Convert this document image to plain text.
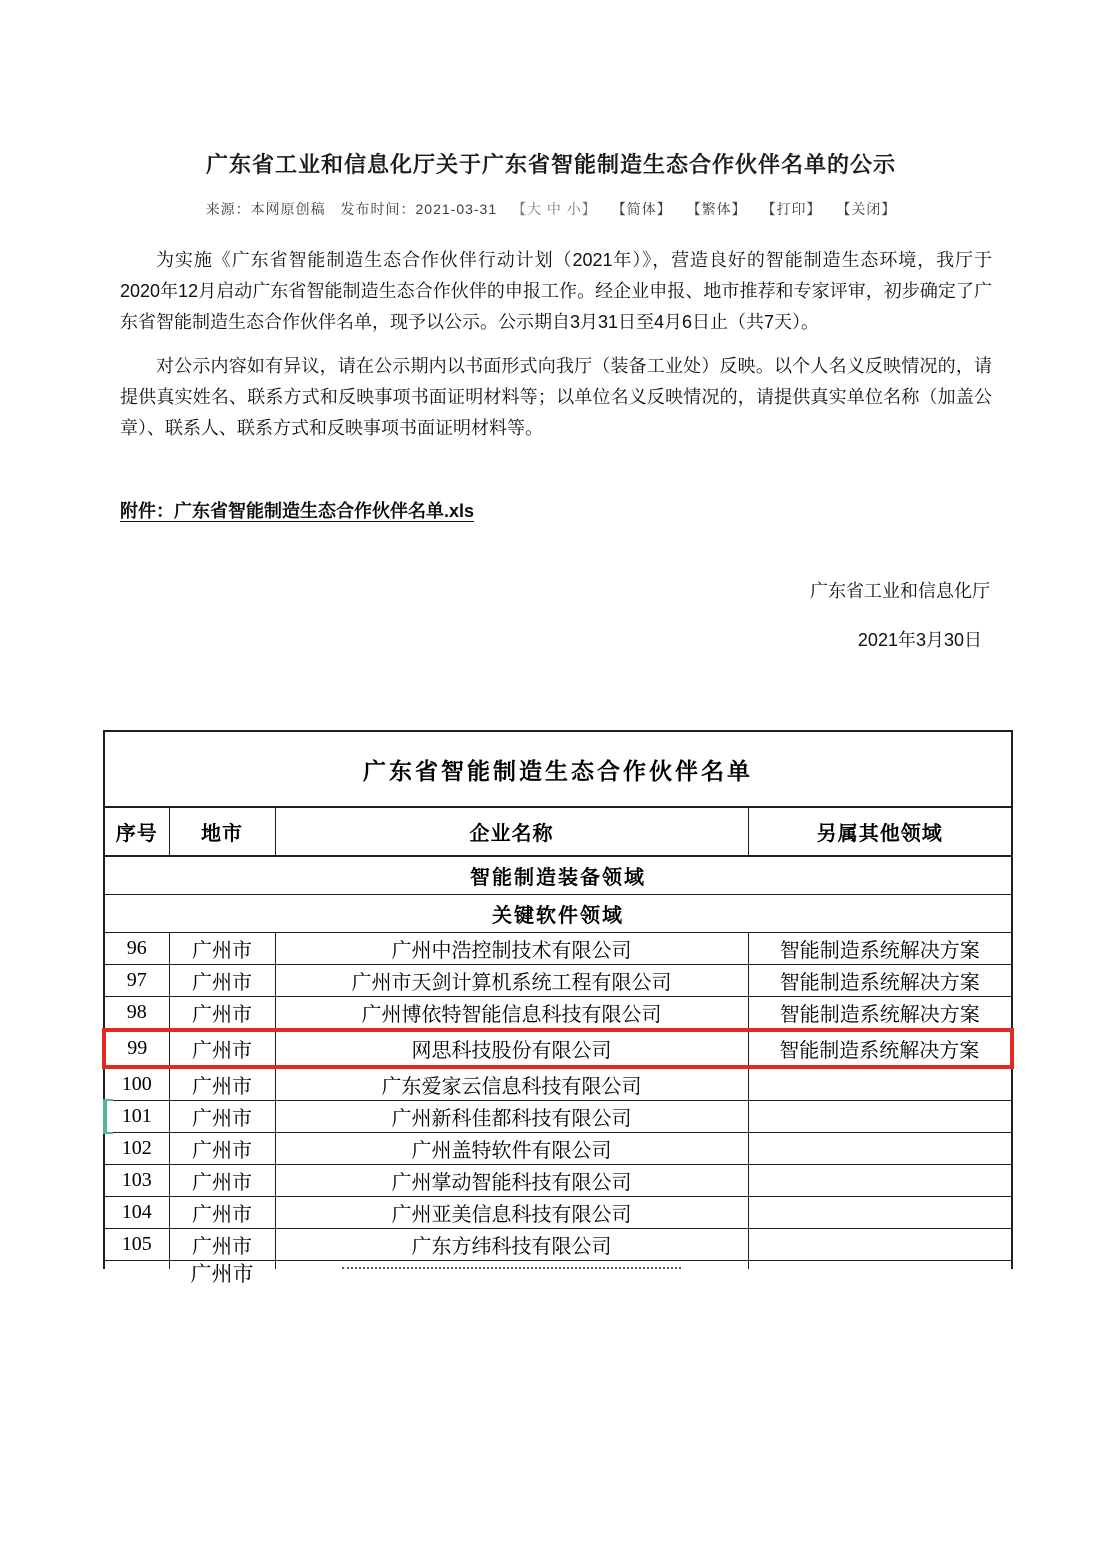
广东省工业和信息化厅关于广东省智能制造生态合作伙伴名单的公示
来源：本网原创稿 发布时间：2021-03-31 【大 中 小】 【简体】 【繁体】 【打印】 【关闭】

为实施《广东省智能制造生态合作伙伴行动计划（2021年）》，营造良好的智能制造生态环境，我厅于2020年12月启动广东省智能制造生态合作伙伴的申报工作。经企业申报、地市推荐和专家评审，初步确定了广东省智能制造生态合作伙伴名单，现予以公示。公示期自3月31日至4月6日止（共7天）。

对公示内容如有异议，请在公示期内以书面形式向我厅（装备工业处）反映。以个人名义反映情况的，请提供真实姓名、联系方式和反映事项书面证明材料等；以单位名义反映情况的，请提供真实单位名称（加盖公章）、联系人、联系方式和反映事项书面证明材料等。

附件：广东省智能制造生态合作伙伴名单.xls
广东省工业和信息化厅
2021年3月30日
广东省智能制造生态合作伙伴名单			
序号	地市	企业名称	另属其他领域
智能制造装备领域			
关键软件领域			
96	广州市	广州中浩控制技术有限公司	智能制造系统解决方案
97	广州市	广州市天剑计算机系统工程有限公司	智能制造系统解决方案
98	广州市	广州博依特智能信息科技有限公司	智能制造系统解决方案
99	广州市	网思科技股份有限公司	智能制造系统解决方案
100	广州市	广东爱家云信息科技有限公司	

101	广州市	广州新科佳都科技有限公司	
102	广州市	广州盖特软件有限公司	
103	广州市	广州掌动智能科技有限公司	
104	广州市	广州亚美信息科技有限公司	
105	广州市	广东方纬科技有限公司	

	广州市		
